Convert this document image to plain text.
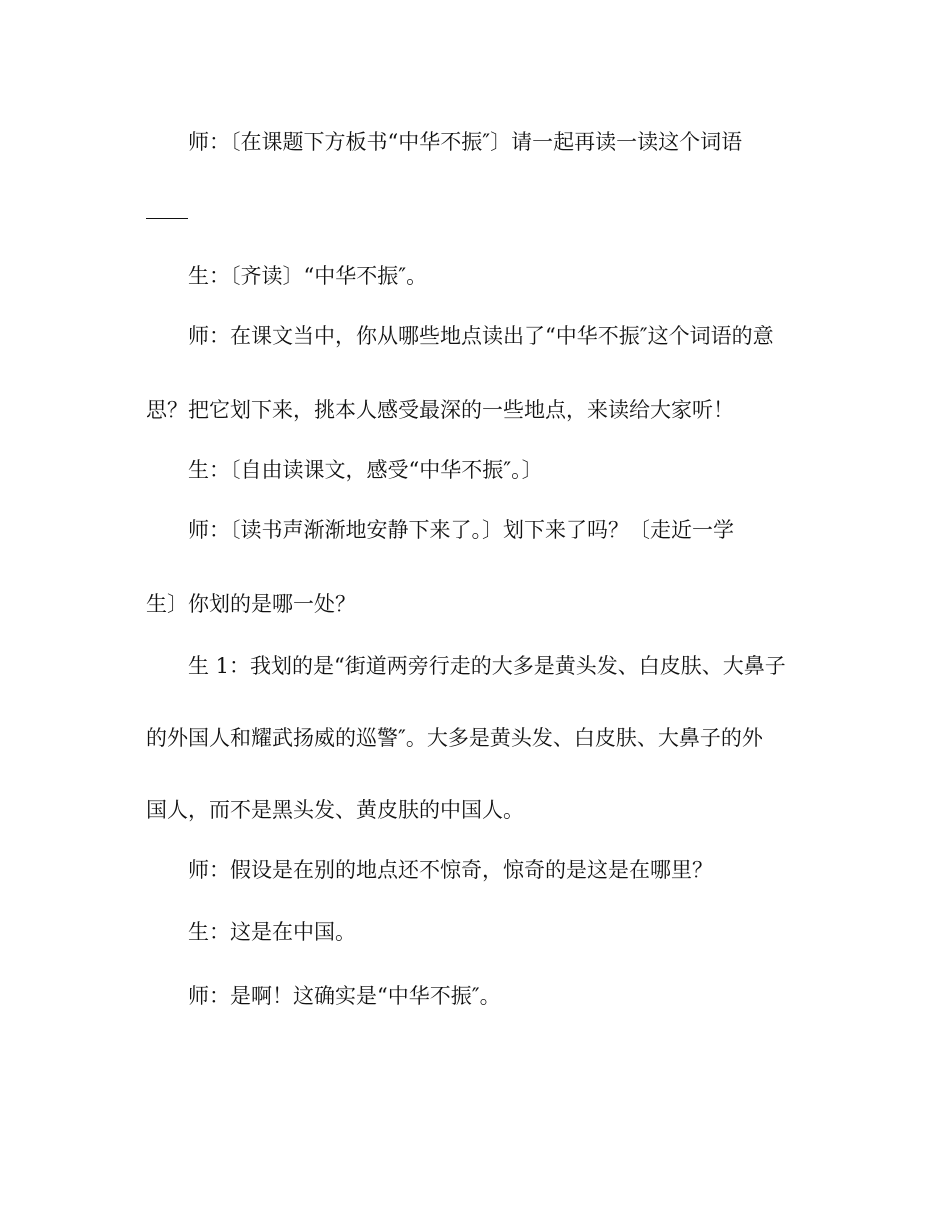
师：〔在课题下方板书“中华不振″〕请一起再读一读这个词语
生：〔齐读〕“中华不振″。
师：在课文当中，你从哪些地点读出了“中华不振″这个词语的意
思？把它划下来，挑本人感受最深的一些地点，来读给大家听！
生：〔自由读课文，感受“中华不振″。〕
师：〔读书声渐渐地安静下来了。〕划下来了吗？〔走近一学
生〕你划的是哪一处？
生 1：我划的是“街道两旁行走的大多是黄头发、白皮肤、大鼻子
的外国人和耀武扬威的巡警″。大多是黄头发、白皮肤、大鼻子的外
国人，而不是黑头发、黄皮肤的中国人。
师：假设是在别的地点还不惊奇，惊奇的是这是在哪里？
生：这是在中国。
师：是啊！这确实是“中华不振″。
